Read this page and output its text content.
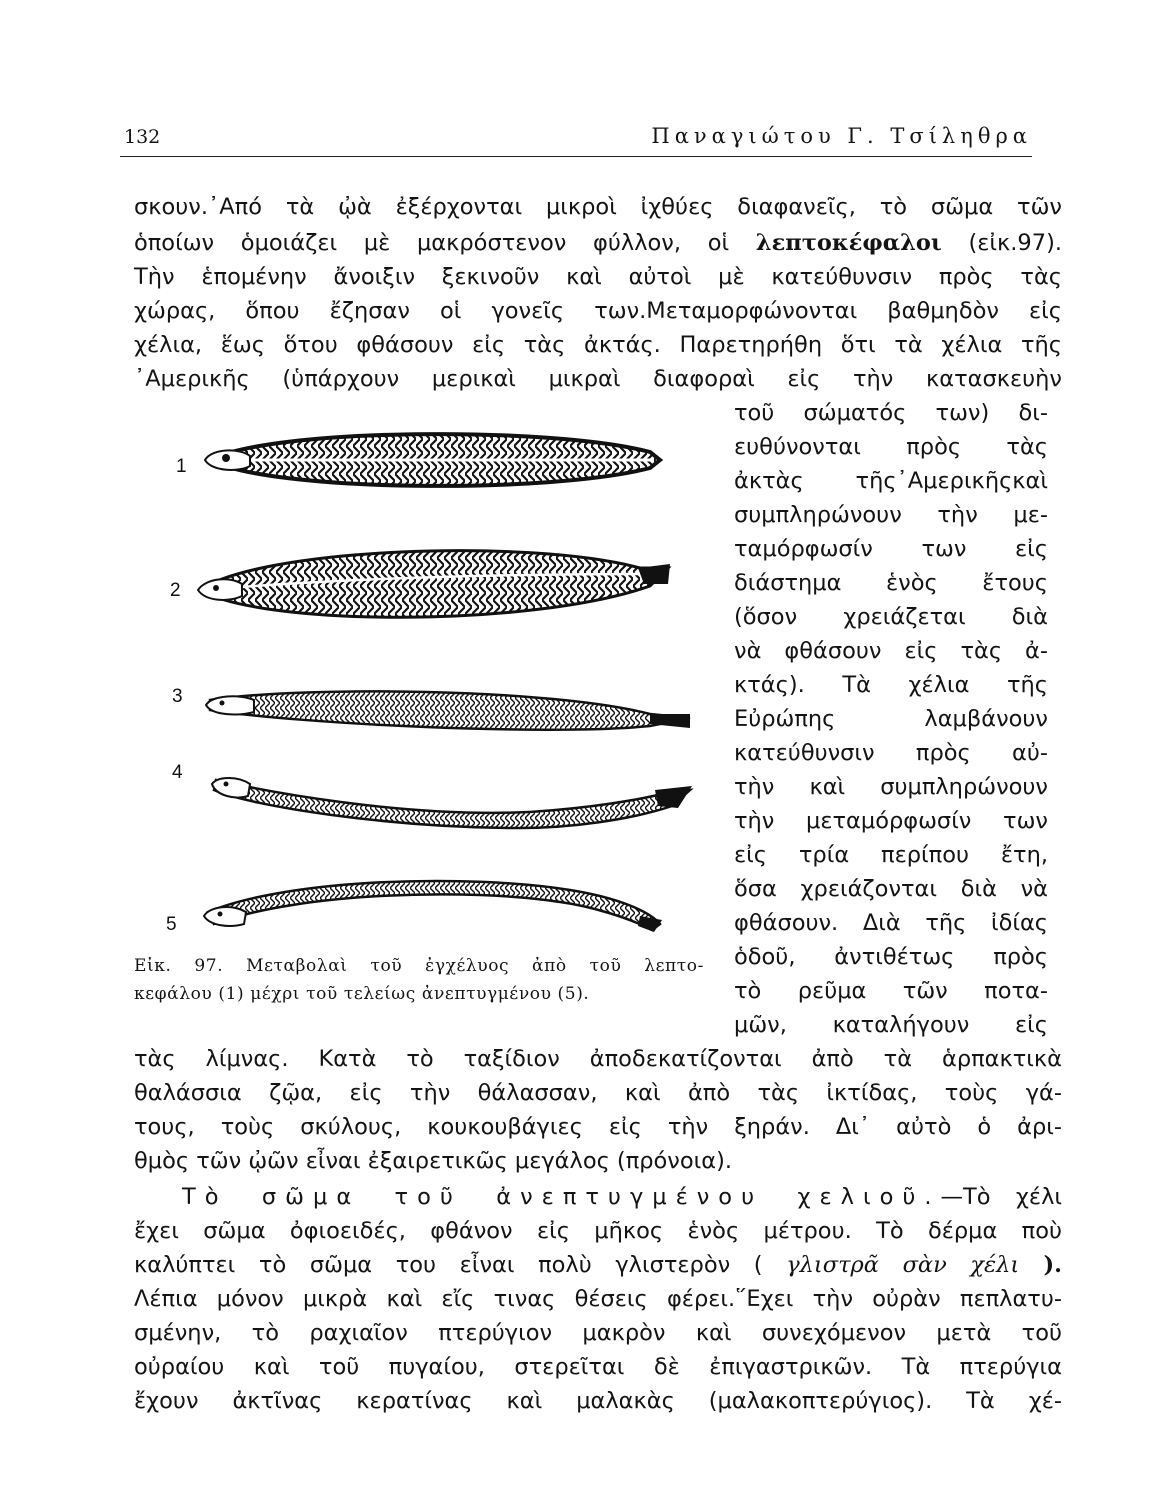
132	Παναγιώτου Γ. Τσίληθρα
σκουν.᾿Από τὰ ᾠὰ ἐξέρχονται μικροὶ ἰχθύες διαφανεῖς, τὸ σῶμα τῶν
ὁποίων ὁμοιάζει μὲ μακρόστενον φύλλον, οἱ λεπτοκέφαλοι (εἰκ.97).
Τὴν ἑπομένην ἄνοιξιν ξεκινοῦν καὶ αὐτοὶ μὲ κατεύθυνσιν πρὸς τὰς
χώρας, ὅπου ἔζησαν οἱ γονεῖς των.Μεταμορφώνονται βαθμηδὸν εἰς
χέλια, ἕως ὅτου φθάσουν εἰς τὰς ἀκτάς. Παρετηρήθη ὅτι τὰ χέλια τῆς
᾿Αμερικῆς (ὑπάρχουν μερικαὶ μικραὶ διαφοραὶ εἰς τὴν κατασκευὴν
τοῦ σώματός των) δι-
ευθύνονται πρὸς τὰς
ἀκτὰς τῆς᾿Αμερικῆςκαὶ
συμπληρώνουν τὴν με-
ταμόρφωσίν των εἰς
διάστημα ἑνὸς ἔτους
(ὅσον χρειάζεται διὰ
νὰ φθάσουν εἰς τὰς ἀ-
κτάς). Τὰ χέλια τῆς
Εὐρώπης λαμβάνουν
κατεύθυνσιν πρὸς αὐ-
τὴν καὶ συμπληρώνουν
τὴν μεταμόρφωσίν των
εἰς τρία περίπου ἔτη,
ὅσα χρειάζονται διὰ νὰ
φθάσουν. Διὰ τῆς ἰδίας
ὁδοῦ, ἀντιθέτως πρὸς
τὸ ρεῦμα τῶν ποτα-
μῶν, καταλήγουν εἰς
1
2
3
4
5
Εἰκ. 97. Μεταβολαὶ τοῦ ἐγχέλυος ἀπὸ τοῦ λεπτο-
κεφάλου (1) μέχρι τοῦ τελείως ἀνεπτυγμένου (5).
τὰς λίμνας. Κατὰ τὸ ταξίδιον ἀποδεκατίζονται ἀπὸ τὰ ἁρπακτικὰ
θαλάσσια ζῷα, εἰς τὴν θάλασσαν, καὶ ἀπὸ τὰς ἰκτίδας, τοὺς γά-
τους, τοὺς σκύλους, κουκουβάγιες εἰς τὴν ξηράν. Δι᾿ αὐτὸ ὁ ἀρι-
θμὸς τῶν ᾠῶν εἶναι ἐξαιρετικῶς μεγάλος (πρόνοια).
Τὸ σῶμα τοῦ ἀνεπτυγμένου χελιοῦ.—Τὸ χέλι
ἔχει σῶμα ὀφιοειδές, φθάνον εἰς μῆκος ἑνὸς μέτρου. Τὸ δέρμα ποὺ
καλύπτει τὸ σῶμα του εἶναι πολὺ γλιστερὸν ( γλιστρᾶ σὰν χέλι ).
Λέπια μόνον μικρὰ καὶ εἴς τινας θέσεις φέρει.῞Εχει τὴν οὐρὰν πεπλατυ-
σμένην, τὸ ραχιαῖον πτερύγιον μακρὸν καὶ συνεχόμενον μετὰ τοῦ
οὐραίου καὶ τοῦ πυγαίου, στερεῖται δὲ ἐπιγαστρικῶν. Τὰ πτερύγια
ἔχουν ἀκτῖνας κερατίνας καὶ μαλακὰς (μαλακοπτερύγιος). Τὰ χέ-
